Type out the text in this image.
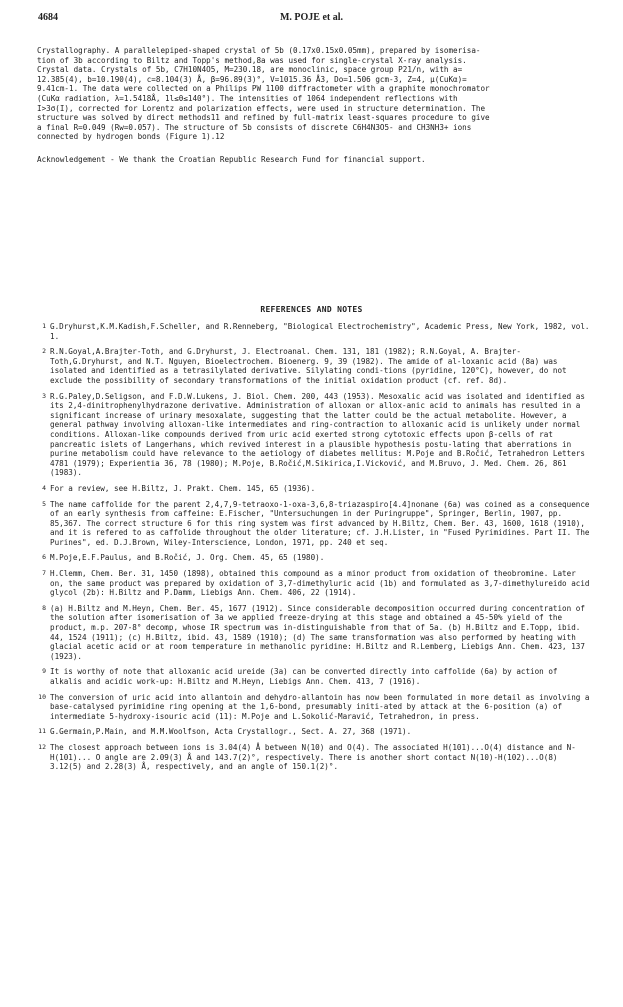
4684	M. POJE et al.
Crystallography. A parallelepiped-shaped crystal of 5b (0.17x0.15x0.05mm), prepared by isomerisa-
tion of 3b according to Biltz and Topp's method,8a was used for single-crystal X-ray analysis.
Crystal data. Crystals of 5b, C7H10N4O5, M=230.18, are monoclinic, space group P21/n, with a=
12.385(4), b=10.190(4), c=8.104(3) Å, β=96.89(3)°, V=1015.36 Å3, Do=1.506 gcm-3, Z=4, μ(CuKα)=
9.41cm-1. The data were collected on a Philips PW 1100 diffractometer with a graphite monochromator
(CuKα radiation, λ=1.5418Å, 1l≤θ≤140°). The intensities of 1064 independent reflections with
I>3σ(I), corrected for Lorentz and polarization effects, were used in structure determination. The
structure was solved by direct methods11 and refined by full-matrix least-squares procedure to give
a final R=0.049 (Rw=0.057). The structure of 5b consists of discrete C6H4N3O5- and CH3NH3+ ions
connected by hydrogen bonds (Figure 1).12
Acknowledgement - We thank the Croatian Republic Research Fund for financial support.
REFERENCES AND NOTES
1 G.Dryhurst,K.M.Kadish,F.Scheller, and R.Renneberg, "Biological Electrochemistry", Academic Press, New York, 1982, vol. 1.
2 R.N.Goyal,A.Brajter-Toth, and G.Dryhurst, J. Electroanal. Chem. 131, 181 (1982); R.N.Goyal, A. Brajter-Toth,G.Dryhurst, and N.T. Nguyen, Bioelectrochem. Bioenerg. 9, 39 (1982). The amide of al-loxanic acid (8a) was isolated and identified as a tetrasilylated derivative. Silylating condi-tions (pyridine, 120°C), however, do not exclude the possibility of secondary transformations of the initial oxidation product (cf. ref. 8d).
3 R.G.Paley,D.Seligson, and F.D.W.Lukens, J. Biol. Chem. 200, 443 (1953). Mesoxalic acid was isolated and identified as its 2,4-dinitrophenylhydrazone derivative. Administration of alloxan or allox-anic acid to animals has resulted in a significant increase of urinary mesoxalate, suggesting that the latter could be the actual metabolite. However, a general pathway involving alloxan-like intermediates and ring-contraction to alloxanic acid is unlikely under normal conditions. Alloxan-like compounds derived from uric acid exerted strong cytotoxic effects upon β-cells of rat pancreatic islets of Langerhans, which revived interest in a plausible hypothesis postu-lating that aberrations in purine metabolism could have relevance to the aetiology of diabetes mellitus: M.Poje and B.Ročić, Tetrahedron Letters 4781 (1979); Experientia 36, 78 (1980); M.Poje, B.Ročić,M.Sikirica,I.Vicković, and M.Bruvo, J. Med. Chem. 26, 861 (1983).
4 For a review, see H.Biltz, J. Prakt. Chem. 145, 65 (1936).
5 The name caffolide for the parent 2,4,7,9-tetraoxo-1-oxa-3,6,8-triazaspiro[4.4]nonane (6a) was coined as a consequence of an early synthesis from caffeine: E.Fischer, "Untersuchungen in der Puringruppe", Springer, Berlin, 1907, pp. 85,367. The correct structure 6 for this ring system was first advanced by H.Biltz, Chem. Ber. 43, 1600, 1618 (1910), and it is refered to as caffolide throughout the older literature; cf. J.H.Lister, in "Fused Pyrimidines. Part II. The Purines", ed. D.J.Brown, Wiley-Interscience, London, 1971, pp. 240 et seq.
6 M.Poje,E.F.Paulus, and B.Ročić, J. Org. Chem. 45, 65 (1980).
7 H.Clemm, Chem. Ber. 31, 1450 (1898), obtained this compound as a minor product from oxidation of theobromine. Later on, the same product was prepared by oxidation of 3,7-dimethyluric acid (1b) and formulated as 3,7-dimethylureido acid glycol (2b): H.Biltz and P.Damm, Liebigs Ann. Chem. 406, 22 (1914).
8 (a) H.Biltz and M.Heyn, Chem. Ber. 45, 1677 (1912). Since considerable decomposition occurred during concentration of the solution after isomerisation of 3a we applied freeze-drying at this stage and obtained a 45-50% yield of the product, m.p. 207-8° decomp, whose IR spectrum was in-distinguishable from that of 5a. (b) H.Biltz and E.Topp, ibid. 44, 1524 (1911); (c) H.Biltz, ibid. 43, 1589 (1910); (d) The same transformation was also performed by heating with glacial acetic acid or at room temperature in methanolic pyridine: H.Biltz and R.Lemberg, Liebigs Ann. Chem. 423, 137 (1923).
9 It is worthy of note that alloxanic acid ureide (3a) can be converted directly into caffolide (6a) by action of alkalis and acidic work-up: H.Biltz and M.Heyn, Liebigs Ann. Chem. 413, 7 (1916).
10 The conversion of uric acid into allantoin and dehydro-allantoin has now been formulated in more detail as involving a base-catalysed pyrimidine ring opening at the 1,6-bond, presumably initi-ated by attack at the 6-position (a) of intermediate 5-hydroxy-isouric acid (11): M.Poje and L.Sokolić-Maravić, Tetrahedron, in press.
11 G.Germain,P.Main, and M.M.Woolfson, Acta Crystallogr., Sect. A. 27, 368 (1971).
12 The closest approach between ions is 3.04(4) Å between N(10) and O(4). The associated H(101)...O(4) distance and N-H(101)... O angle are 2.09(3) Å and 143.7(2)°, respectively. There is another short contact N(10)-H(102)...O(8) 3.12(5) and 2.28(3) Å, respectively, and an angle of 150.1(2)°.
